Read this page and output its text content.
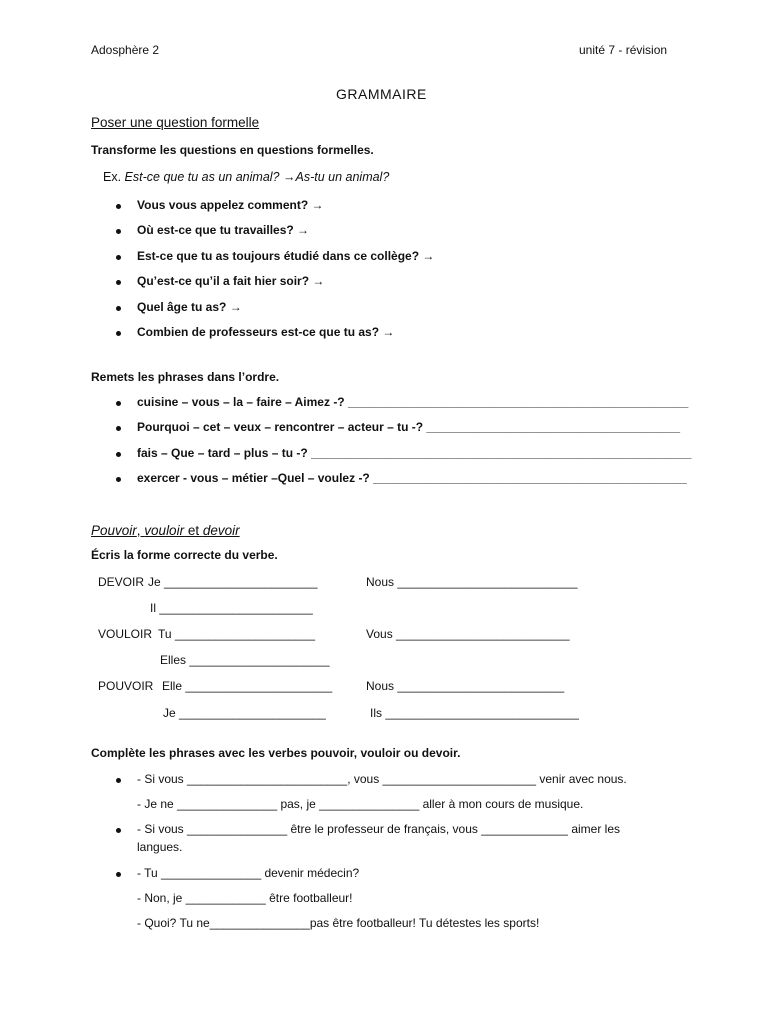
Adosphère 2	unité 7 - révision
GRAMMAIRE
Poser une question formelle
Transforme les questions en questions formelles.
Ex. Est-ce que tu as un animal? →As-tu un animal?
Vous vous appelez comment? →
Où est-ce que tu travailles? →
Est-ce que tu as toujours étudié dans ce collège? →
Qu’est-ce qu’il a fait hier soir? →
Quel âge tu as? →
Combien de professeurs est-ce que tu as? →
Remets les phrases dans l’ordre.
cuisine – vous – la – faire – Aimez -? ___________________________________________________
Pourquoi – cet – veux – rencontrer – acteur – tu -? ______________________________________
fais – Que – tard – plus – tu -? _________________________________________________________
exercer - vous – métier –Quel – voulez -? _______________________________________________
Pouvoir, vouloir et devoir
Écris la forme correcte du verbe.
DEVOIR Je _______________________	Nous ___________________________
Il _______________________
VOULOIR Tu _____________________	Vous __________________________
Elles _____________________
POUVOIR Elle ______________________	Nous _________________________
Je ______________________	Ils _____________________________
Complète les phrases avec les verbes pouvoir, vouloir ou devoir.
- Si vous ________________________, vous _______________________ venir avec nous.
- Je ne _______________ pas, je _______________ aller à mon cours de musique.
- Si vous _______________ être le professeur de français, vous _____________ aimer les
langues.
- Tu _______________ devenir médecin?
- Non, je ____________ être footballeur!
- Quoi? Tu ne_______________pas être footballeur! Tu détestes les sports!
